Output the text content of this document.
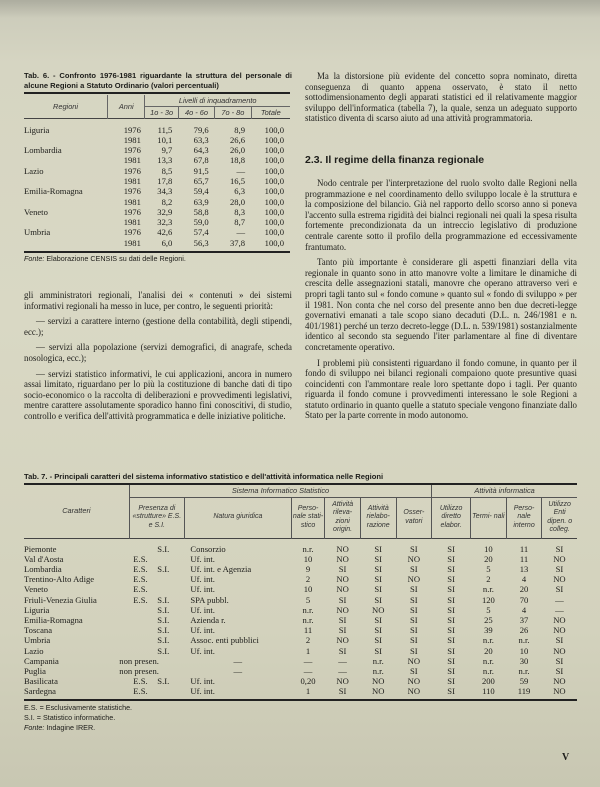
Tab. 6. - Confronto 1976-1981 riguardante la struttura del personale di alcune Regioni a Statuto Ordinario (valori percentuali)
Regioni	Anni	Livelli di inquadramento			
		1o - 3o	4o - 6o	7o - 8o	Totale

Liguria	1976	11,5	79,6	8,9	100,0
	1981	10,1	63,3	26,6	100,0
Lombardia	1976	9,7	64,3	26,0	100,0
	1981	13,3	67,8	18,8	100,0
Lazio	1976	8,5	91,5	—	100,0
	1981	17,8	65,7	16,5	100,0
Emilia-Romagna	1976	34,3	59,4	6,3	100,0
	1981	8,2	63,9	28,0	100,0
Veneto	1976	32,9	58,8	8,3	100,0
	1981	32,3	59,0	8,7	100,0
Umbria	1976	42,6	57,4	—	100,0
	1981	6,0	56,3	37,8	100,0
Fonte: Elaborazione CENSIS su dati delle Regioni.

gli amministratori regionali, l'analisi dei « contenuti » dei sistemi informativi regionali ha messo in luce, per contro, le seguenti priorità:

— servizi a carattere interno (gestione della contabilità, degli stipendi, ecc.);

— servizi alla popolazione (servizi demografici, di anagrafe, scheda nosologica, ecc.);

— servizi statistico informativi, le cui applicazioni, ancora in numero assai limitato, riguardano per lo più la costituzione di banche dati di tipo socio-economico o la raccolta di deliberazioni e provvedimenti legislativi, mentre carattere assolutamente sporadico hanno fini conoscitivi, di studio, controllo e verifica dell'attività programmatica e delle iniziative politiche.

Ma la distorsione più evidente del concetto sopra nominato, diretta conseguenza di quanto appena osservato, è stato il netto sottodimensionamento degli apparati statistici ed il relativamente maggior sviluppo dell'informatica (tabella 7), la quale, senza un adeguato supporto statistico diventa di scarso aiuto ad una attività programmatoria.

2.3. Il regime della finanza regionale

Nodo centrale per l'interpretazione del ruolo svolto dalle Regioni nella programmazione e nel coordinamento dello sviluppo locale è la struttura e la composizione del bilancio. Già nel rapporto dello scorso anno si poneva l'accento sulla estrema rigidità dei bialnci regionali nei quali la spesa risulta fortemente precondizionata da un intreccio legislativo di produzione centrale carente sotto il profilo della programmazione ed eccessivamente frantumato.

Tanto più importante è considerare gli aspetti finanziari della vita regionale in quanto sono in atto manovre volte a limitare le dinamiche di crescita delle assegnazioni statali, manovre che operano attraverso veri e propri tagli tanto sul « fondo comune » quanto sul « fondo di sviluppo » per il 1981. Non conta che nel corso del presente anno ben due decreti-legge governativi emanati a tale scopo siano decaduti (D.L. n. 246/1981 e n. 401/1981) perché un terzo decreto-legge (D.L. n. 539/1981) sostanzialmente identico al secondo sta seguendo l'iter parlamentare al fine di diventare concretamente operativo.

I problemi più consistenti riguardano il fondo comune, in quanto per il fondo di sviluppo nei bilanci regionali compaiono quote presuntive quasi coincidenti con l'ammontare reale loro spettante dopo i tagli. Per quanto riguarda il fondo comune i provvedimenti interessano le sole Regioni a statuto ordinario in quanto quelle a statuto speciale vengono finanziate dallo Stato per la parte corrente in modo autonomo.

Tab. 7. - Principali caratteri del sistema informativo statistico e dell'attività informatica nelle Regioni
Caratteri	Sistema Informatico Statistico						Attività informatica			
	Presenza di «strutture» E.S. e S.I.	Natura giuridica	Perso- nale stati- stico	Attività rileva- zioni origin.	Attività rielabo- razione	Osser- vatori	Utilizzo diretto elabor.	Termi- nali	Perso- nale interno	Utilizzo Enti dipen. o colleg.

Piemonte	S.I.	Consorzio	n.r.	NO	SI	SI	SI	10	11	SI
Val d'Aosta	E.S.	Uf. int.	10	NO	SI	NO	SI	20	11	NO
Lombardia	E.S. S.I.	Uf. int. e Agenzia	9	SI	SI	SI	SI	5	13	SI
Trentino-Alto Adige	E.S.	Uf. int.	2	NO	SI	NO	SI	2	4	NO
Veneto	E.S.	Uf. int.	10	NO	SI	SI	SI	n.r.	20	SI
Friuli-Venezia Giulia	E.S. S.I.	SPA pubbl.	5	SI	SI	SI	SI	120	70	—
Liguria	S.I.	Uf. int.	n.r.	NO	NO	SI	SI	5	4	—
Emilia-Romagna	S.I.	Azienda r.	n.r.	SI	SI	SI	SI	25	37	NO
Toscana	S.I.	Uf. int.	11	SI	SI	SI	SI	39	26	NO
Umbria	S.I.	Assoc. enti pubblici	2	NO	SI	SI	SI	n.r.	n.r.	SI
Lazio	S.I.	Uf. int.	1	SI	SI	SI	SI	20	10	NO
Campania	non presen.	—	—	—	n.r.	NO	SI	n.r.	30	SI
Puglia	non presen.	—	—	—	n.r.	SI	SI	n.r.	n.r.	SI
Basilicata	E.S. S.I.	Uf. int.	0,20	NO	NO	NO	SI	200	59	NO
Sardegna	E.S.	Uf. int.	1	SI	NO	NO	SI	110	119	NO
E.S. = Esclusivamente statistiche.
S.I. = Statistico informatiche.
Fonte: Indagine IRER.
V
